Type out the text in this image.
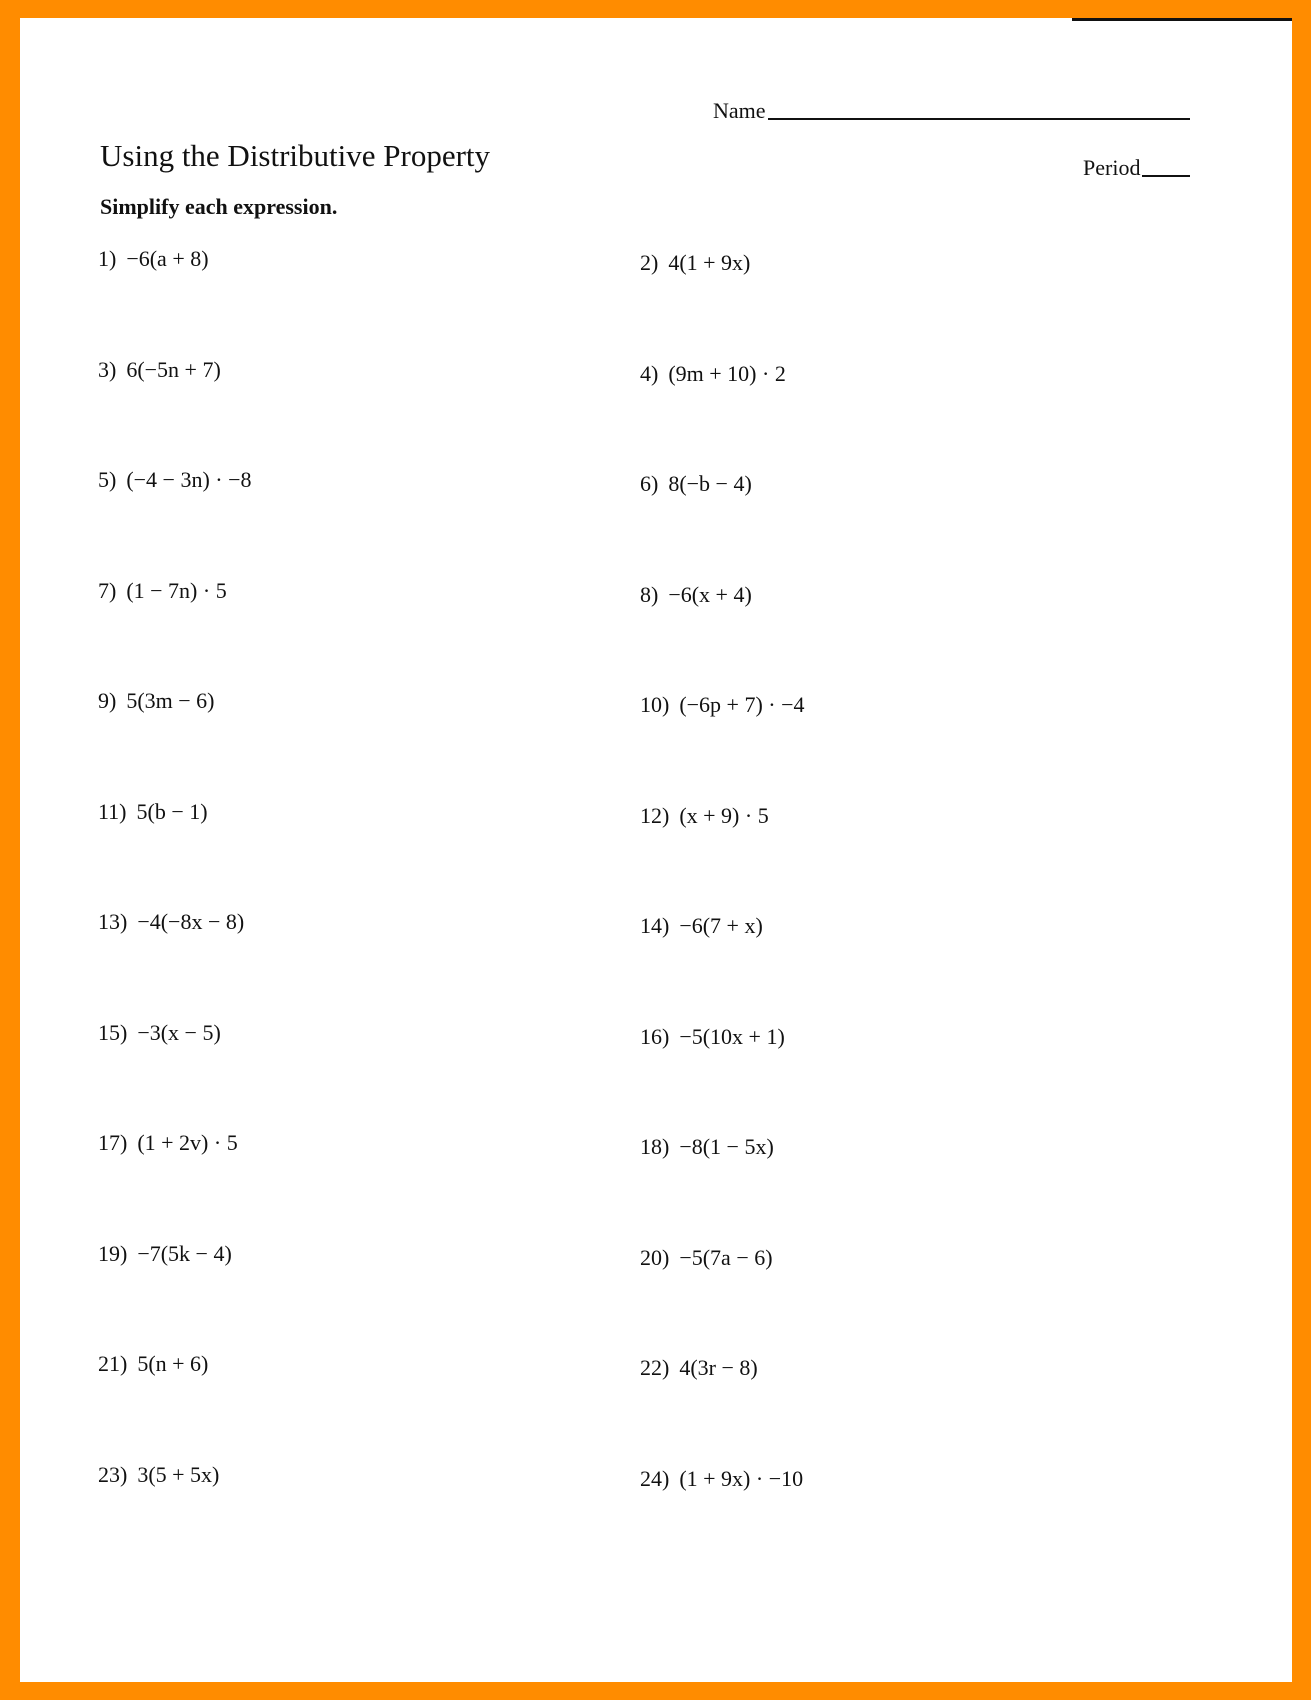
Name
Using the Distributive Property	Period
Simplify each expression.
1) −6(a + 8)	2) 4(1 + 9x)
3) 6(−5n + 7)	4) (9m + 10) · 2
5) (−4 − 3n) · −8	6) 8(−b − 4)
7) (1 − 7n) · 5	8) −6(x + 4)
9) 5(3m − 6)	10) (−6p + 7) · −4
11) 5(b − 1)	12) (x + 9) · 5
13) −4(−8x − 8)	14) −6(7 + x)
15) −3(x − 5)	16) −5(10x + 1)
17) (1 + 2v) · 5	18) −8(1 − 5x)
19) −7(5k − 4)	20) −5(7a − 6)
21) 5(n + 6)	22) 4(3r − 8)
23) 3(5 + 5x)	24) (1 + 9x) · −10
